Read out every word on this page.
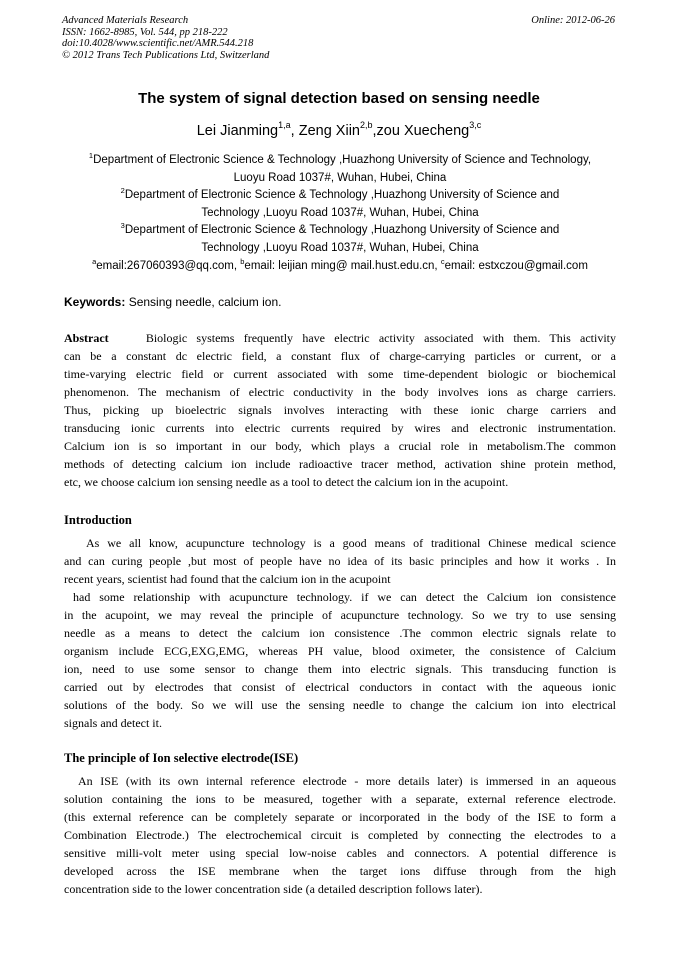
Advanced Materials Research
ISSN: 1662-8985, Vol. 544, pp 218-222
doi:10.4028/www.scientific.net/AMR.544.218
© 2012 Trans Tech Publications Ltd, Switzerland
Online: 2012-06-26
The system of signal detection based on sensing needle
Lei Jianming$^{1,a}$, Zeng Xiin$^{2,b}$,zou Xuecheng$^{3,c}$
$^1$Department of Electronic Science & Technology ,Huazhong University of Science and Technology,
Luoyu Road 1037#, Wuhan, Hubei, China
$^2$Department of Electronic Science & Technology ,Huazhong University of Science and
Technology ,Luoyu Road 1037#, Wuhan, Hubei, China
$^3$Department of Electronic Science & Technology ,Huazhong University of Science and
Technology ,Luoyu Road 1037#, Wuhan, Hubei, China
$^a$email:267060393@qq.com, $^b$email: leijian ming@ mail.hust.edu.cn, $^c$email: estxczou@gmail.com
Keywords: Sensing needle, calcium ion.
Abstract	Biologic systems frequently have electric activity associated with them. This activity
can be a constant dc electric field, a constant flux of charge-carrying particles or current, or a
time-varying electric field or current associated with some time-dependent biologic or biochemical
phenomenon. The mechanism of electric conductivity in the body involves ions as charge carriers.
Thus, picking up bioelectric signals involves interacting with these ionic charge carriers and
transducing ionic currents into electric currents required by wires and electronic instrumentation.
Calcium ion is so important in our body, which plays a crucial role in metabolism.The common
methods of detecting calcium ion include radioactive tracer method, activation shine protein method,
etc, we choose calcium ion sensing needle as a tool to detect the calcium ion in the acupoint.
Introduction
As we all know, acupuncture technology is a good means of traditional Chinese medical science
and can curing people ,but most of people have no idea of its basic principles and how it works . In
recent years, scientist had found that the calcium ion in the acupoint
had some relationship with acupuncture technology. if we can detect the Calcium ion consistence
in the acupoint, we may reveal the principle of acupuncture technology. So we try to use sensing
needle as a means to detect the calcium ion consistence .The common electric signals relate to
organism include ECG,EXG,EMG, whereas PH value, blood oximeter, the consistence of Calcium
ion, need to use some sensor to change them into electric signals. This transducing function is
carried out by electrodes that consist of electrical conductors in contact with the aqueous ionic
solutions of the body. So we will use the sensing needle to change the calcium ion into electrical
signals and detect it.
The principle of Ion selective electrode(ISE)
An ISE (with its own internal reference electrode - more details later) is immersed in an aqueous
solution containing the ions to be measured, together with a separate, external reference electrode.
(this external reference can be completely separate or incorporated in the body of the ISE to form a
Combination Electrode.) The electrochemical circuit is completed by connecting the electrodes to a
sensitive milli-volt meter using special low-noise cables and connectors. A potential difference is
developed across the ISE membrane when the target ions diffuse through from the high
concentration side to the lower concentration side (a detailed description follows later).
